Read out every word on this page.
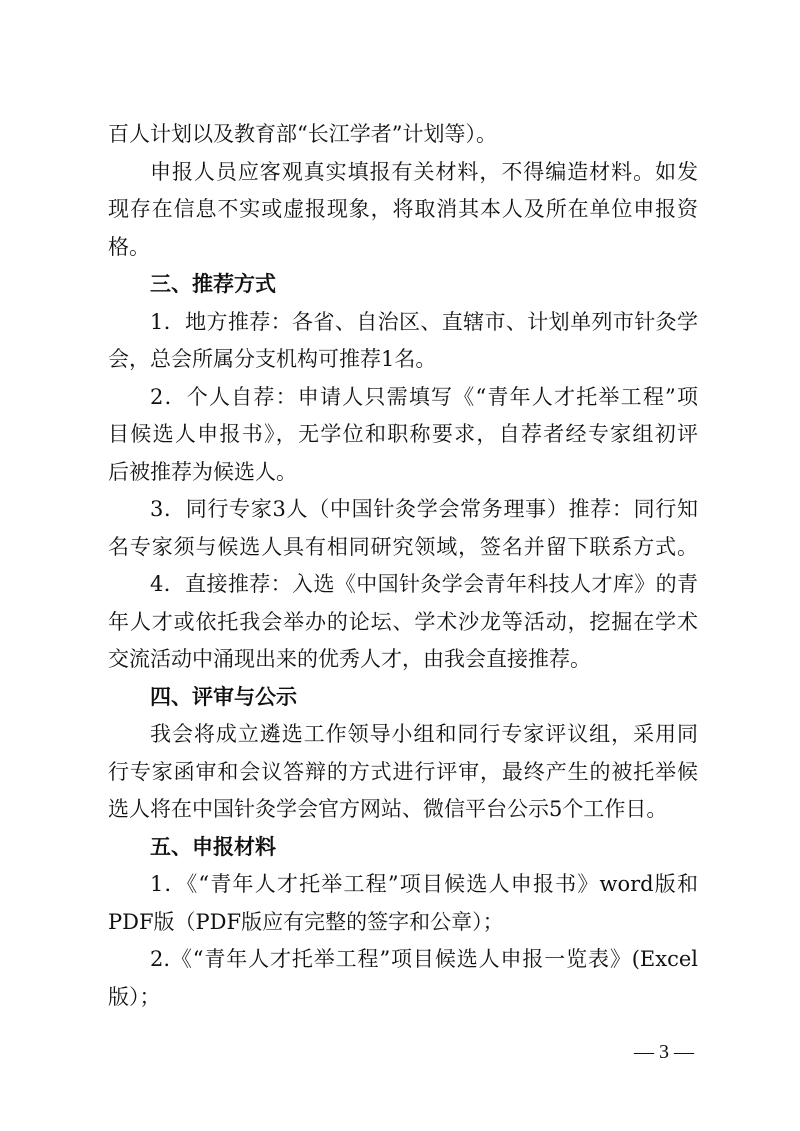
百人计划以及教育部“长江学者”计划等）。
申报人员应客观真实填报有关材料，不得编造材料。如发
现存在信息不实或虚报现象，将取消其本人及所在单位申报资
格。
三、推荐方式
1．地方推荐：各省、自治区、直辖市、计划单列市针灸学
会，总会所属分支机构可推荐1名。
2．个人自荐：申请人只需填写《“青年人才托举工程”项
目候选人申报书》，无学位和职称要求，自荐者经专家组初评
后被推荐为候选人。
3．同行专家3人（中国针灸学会常务理事）推荐：同行知
名专家须与候选人具有相同研究领域，签名并留下联系方式。
4．直接推荐：入选《中国针灸学会青年科技人才库》的青
年人才或依托我会举办的论坛、学术沙龙等活动，挖掘在学术
交流活动中涌现出来的优秀人才，由我会直接推荐。
四、评审与公示
我会将成立遴选工作领导小组和同行专家评议组，采用同
行专家函审和会议答辩的方式进行评审，最终产生的被托举候
选人将在中国针灸学会官方网站、微信平台公示5个工作日。
五、申报材料
1．《“青年人才托举工程”项目候选人申报书》word版和
PDF版（PDF版应有完整的签字和公章）；
2.《“青年人才托举工程”项目候选人申报一览表》(Excel
版）；
— 3 —
